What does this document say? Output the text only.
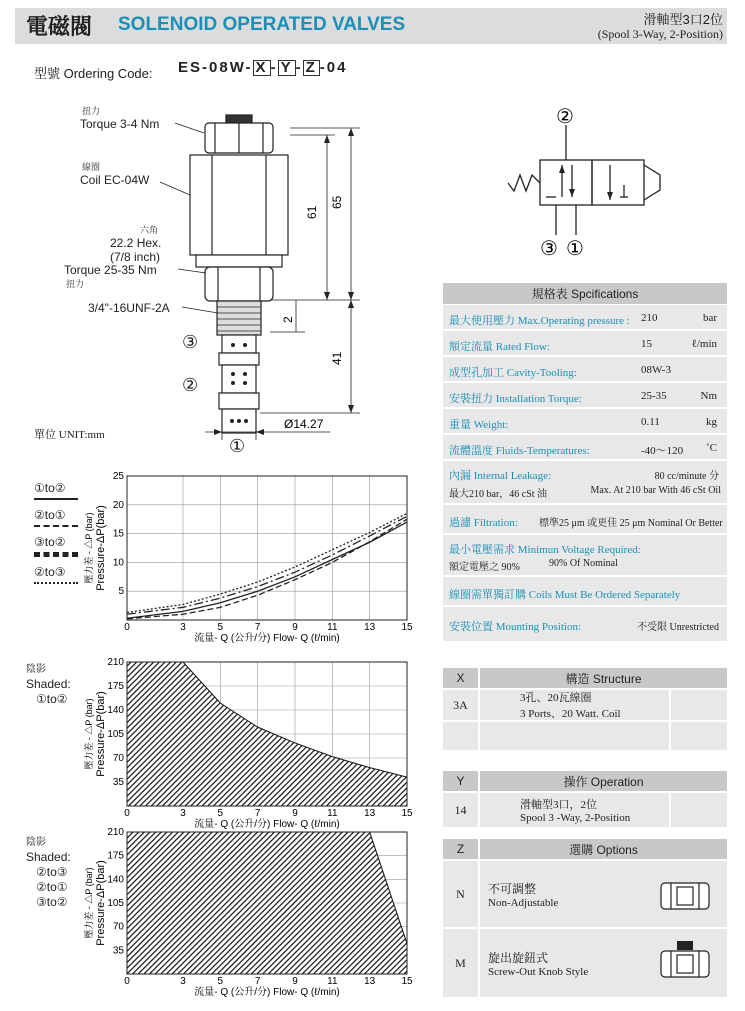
電磁閥 SOLENOID OPERATED VALVES	滑軸型3口2位
(Spool 3-Way, 2-Position)
型號 Ordering Code: ES-08W- X - Y - Z -04
61
65
2
41
Ø14.27
扭力
Torque 3-4 Nm
線圈
Coil EC-04W
六角
22.2 Hex.
(7/8 inch)
Torque 25-35 Nm
扭力
3/4"-16UNF-2A
③
②
①
單位 UNIT:mm
②
③ ①
規格表 Spcifications
最大使用壓力 Max.Operating pressure : 210	bar
額定流量 Rated Flow:	15	ℓ/min
成型孔加工 Cavity-Tooling:	08W-3
安裝扭力 Installation Torque:	25-35	Nm
重量 Weight:	0.11	kg
流體溫度 Fluids-Temperatures:	-40～120 ˚C
內漏 Internal Leakage:	80 cc/minute 分
最大210 bar，46 cSt 油	Max. At 210 bar With 46 cSt Oil
過濾 Filtration: 標準25 μm 或更佳 25 μm Nominal Or Better
最小電壓需求 Minimun Voltage Required:
額定電壓之 90%	90% Of Nominal
線圈需單獨訂購 Coils Must Be Ordered Separately
安裝位置 Mounting Position:	不受限 Unrestricted
X	構造 Structure
3A	3孔、20瓦線圈
3 Ports、20 Watt. Coil
Y	操作 Operation
14	滑軸型3口，2位
Spool 3 -Way, 2-Position
Z	選購 Options
N	不可調整
Non-Adjustable
M	旋出旋鈕式
Screw-Out Knob Style
①to②
②to①
③to②
②to③
陰影
Shaded:
①to②
陰影
Shaded:
②to③
②to①
③to②
0	3	5	7	9	11	13	15
5
10
15
20
25
流量- Q (公升/分) Flow- Q (ℓ/min)
壓力差 - △P (bar) Pressure-ΔP(bar)
0	3	5	7	9	11	13	15
35
70
105
140
175
210
流量- Q (公升/分) Flow- Q (ℓ/min)
壓力差 - △P (bar) Pressure-ΔP(bar)
0	3	5	7	9	11	13	15
35
70
105
140
175
210
流量- Q (公升/分) Flow- Q (ℓ/min)
壓力差 - △P (bar) Pressure-ΔP(bar)
